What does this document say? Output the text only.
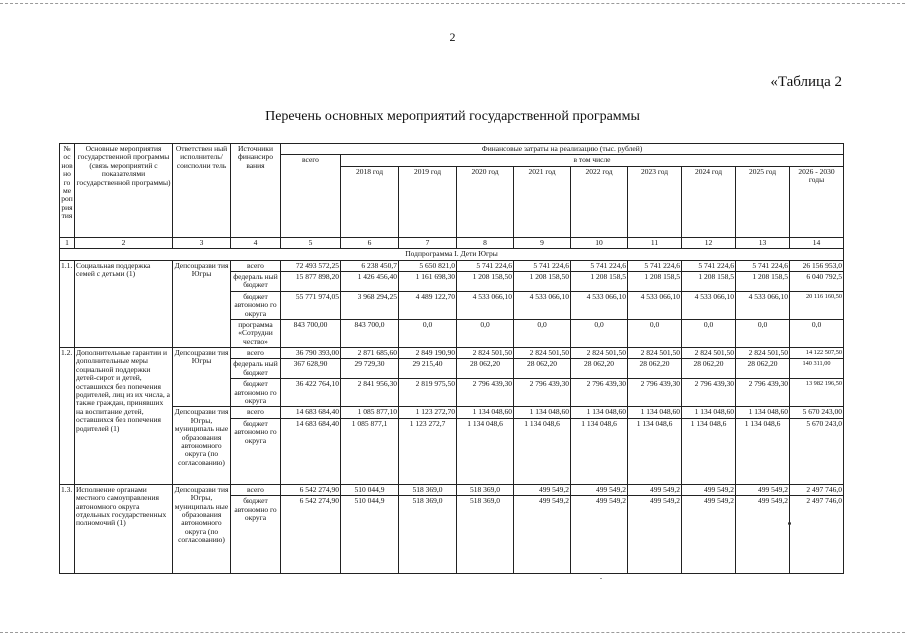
2
«Таблица 2
Перечень основных мероприятий государственной программы
№ ос нов но го ме роп рия тия	Основные мероприятия государственной программы (связь мероприятий с показателями государственной программы)	Ответствен ный исполнитель/ соисполни тель	Источники финансиро вания	Финансовые затраты на реализацию (тыс. рублей)									
				всего	в том числе								
					2018 год	2019 год	2020 год	2021 год	2022 год	2023 год	2024 год	2025 год	2026 - 2030 годы
1	2	3	4	5	6	7	8	9	10	11	12	13	14
Подпрограмма I. Дети Югры													
1.1.	Социальная поддержка семей с детьми (1)	Депсоцразви тия Югры	всего	72 493 572,25	6 238 450,7	5 650 821,0	5 741 224,6	5 741 224,6	5 741 224,6	5 741 224,6	5 741 224,6	5 741 224,6	26 156 953,0
			федераль ный бюджет	15 877 898,20	1 426 456,40	1 161 698,30	1 208 158,50	1 208 158,50	1 208 158,5	1 208 158,5	1 208 158,5	1 208 158,5	6 040 792,5
			бюджет автономно го округа	55 771 974,05	3 968 294,25	4 489 122,70	4 533 066,10	4 533 066,10	4 533 066,10	4 533 066,10	4 533 066,10	4 533 066,10	20 116 160,50
			программа «Сотрудни чество»	843 700,00	843 700,0	0,0	0,0	0,0	0,0	0,0	0,0	0,0	0,0
1.2.	Дополнительные гарантии и дополнительные меры социальной поддержки детей-сирот и детей, оставшихся без попечения родителей, лиц из их числа, а также граждан, принявших на воспитание детей, оставшихся без попечения родителей (1)	Депсоцразви тия Югры	всего	36 790 393,00	2 871 685,60	2 849 190,90	2 824 501,50	2 824 501,50	2 824 501,50	2 824 501,50	2 824 501,50	2 824 501,50	14 122 507,50
			федераль ный бюджет	367 628,90	29 729,30	29 215,40	28 062,20	28 062,20	28 062,20	28 062,20	28 062,20	28 062,20	140 311,00
			бюджет автономно го округа	36 422 764,10	2 841 956,30	2 819 975,50	2 796 439,30	2 796 439,30	2 796 439,30	2 796 439,30	2 796 439,30	2 796 439,30	13 982 196,50
		Депсоцразви тия Югры, муниципаль ные образования автономного округа (по согласованию)	всего	14 683 684,40	1 085 877,10	1 123 272,70	1 134 048,60	1 134 048,60	1 134 048,60	1 134 048,60	1 134 048,60	1 134 048,60	5 670 243,00
			бюджет автономно го округа	14 683 684,40	1 085 877,1	1 123 272,7	1 134 048,6	1 134 048,6	1 134 048,6	1 134 048,6	1 134 048,6	1 134 048,6	5 670 243,0
1.3.	Исполнение органами местного самоуправления автономного округа отдельных государственных полномочий (1)	Депсоцразви тия Югры, муниципаль ные образования автономного округа (по согласованию)	всего	6 542 274,90	510 044,9	518 369,0	518 369,0	499 549,2	499 549,2	499 549,2	499 549,2	499 549,2	2 497 746,0
			бюджет автономно го округа	6 542 274,90	510 044,9	518 369,0	518 369,0	499 549,2	499 549,2	499 549,2	499 549,2	499 549,2	2 497 746,0
